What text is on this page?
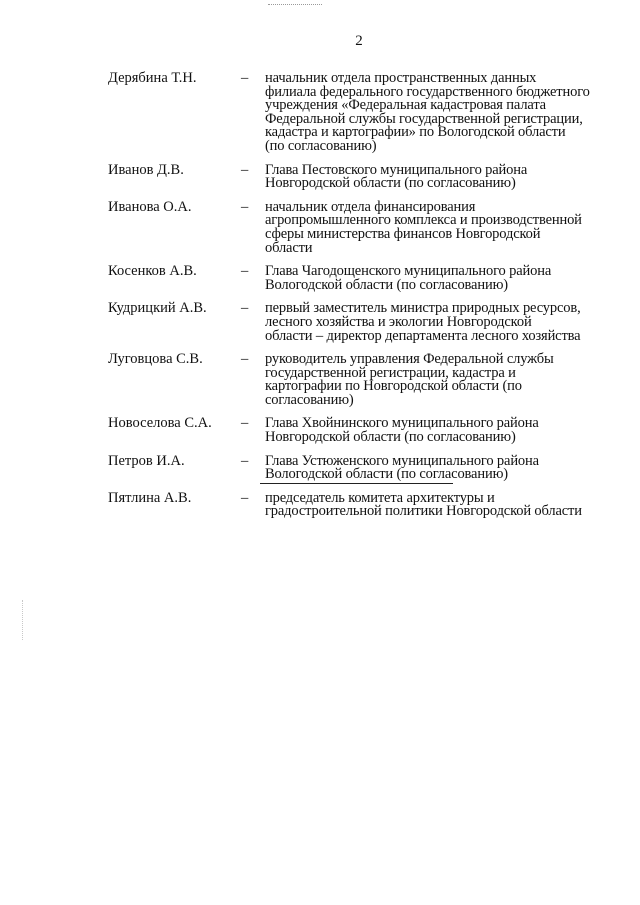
2
Дерябина Т.Н.	– начальник отдела пространственных данных
филиала федерального государственного бюджетного
учреждения «Федеральная кадастровая палата
Федеральной службы государственной регистрации,
кадастра и картографии» по Вологодской области
(по согласованию)
Иванов Д.В.	– Глава Пестовского муниципального района
Новгородской области (по согласованию)
Иванова О.А.	– начальник отдела финансирования
агропромышленного комплекса и производственной
сферы министерства финансов Новгородской
области
Косенков А.В.	– Глава Чагодощенского муниципального района
Вологодской области (по согласованию)
Кудрицкий А.В. – первый заместитель министра природных ресурсов,
лесного хозяйства и экологии Новгородской
области – директор департамента лесного хозяйства
Луговцова С.В.	– руководитель управления Федеральной службы
государственной регистрации, кадастра и
картографии по Новгородской области (по
согласованию)
Новоселова С.А. – Глава Хвойнинского муниципального района
Новгородской области (по согласованию)
Петров И.А.	– Глава Устюженского муниципального района
Вологодской области (по согласованию)
Пятлина А.В.	– председатель комитета архитектуры и
градостроительной политики Новгородской области
